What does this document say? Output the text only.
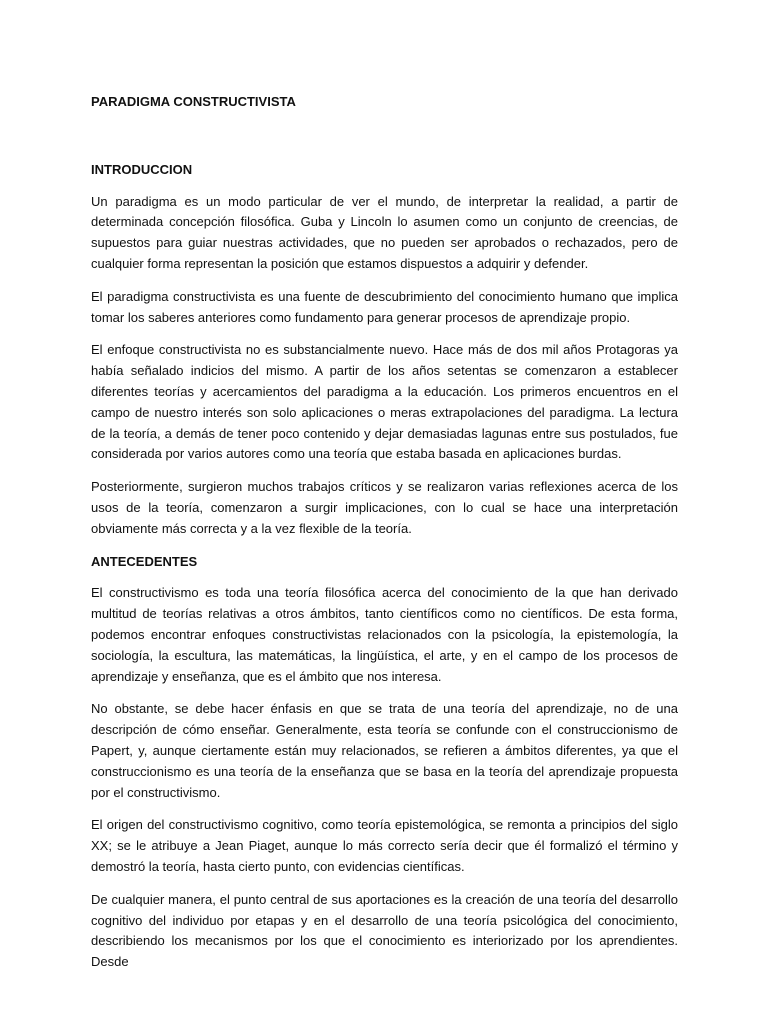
PARADIGMA CONSTRUCTIVISTA
INTRODUCCION

Un paradigma es un modo particular de ver el mundo, de interpretar la realidad, a partir de determinada concepción filosófica. Guba y Lincoln lo asumen como un conjunto de creencias, de supuestos para guiar nuestras actividades, que no pueden ser aprobados o rechazados, pero de cualquier forma representan la posición que estamos dispuestos a adquirir y defender.

El paradigma constructivista es una fuente de descubrimiento del conocimiento humano que implica tomar los saberes anteriores como fundamento para generar procesos de aprendizaje propio.

El enfoque constructivista no es substancialmente nuevo. Hace más de dos mil años Protagoras ya había señalado indicios del mismo. A partir de los años setentas se comenzaron a establecer diferentes teorías y acercamientos del paradigma a la educación. Los primeros encuentros en el campo de nuestro interés son solo aplicaciones o meras extrapolaciones del paradigma. La lectura de la teoría, a demás de tener poco contenido y dejar demasiadas lagunas entre sus postulados, fue considerada por varios autores como una teoría que estaba basada en aplicaciones burdas.

Posteriormente, surgieron muchos trabajos críticos y se realizaron varias reflexiones acerca de los usos de la teoría, comenzaron a surgir implicaciones, con lo cual se hace una interpretación obviamente más correcta y a la vez flexible de la teoría.

ANTECEDENTES

El constructivismo es toda una teoría filosófica acerca del conocimiento de la que han derivado multitud de teorías relativas a otros ámbitos, tanto científicos como no científicos. De esta forma, podemos encontrar enfoques constructivistas relacionados con la psicología, la epistemología, la sociología, la escultura, las matemáticas, la lingüística, el arte, y en el campo de los procesos de aprendizaje y enseñanza, que es el ámbito que nos interesa.

No obstante, se debe hacer énfasis en que se trata de una teoría del aprendizaje, no de una descripción de cómo enseñar. Generalmente, esta teoría se confunde con el construccionismo de Papert, y, aunque ciertamente están muy relacionados, se refieren a ámbitos diferentes, ya que el construccionismo es una teoría de la enseñanza que se basa en la teoría del aprendizaje propuesta por el constructivismo.

El origen del constructivismo cognitivo, como teoría epistemológica, se remonta a principios del siglo XX; se le atribuye a Jean Piaget, aunque lo más correcto sería decir que él formalizó el término y demostró la teoría, hasta cierto punto, con evidencias científicas.

De cualquier manera, el punto central de sus aportaciones es la creación de una teoría del desarrollo cognitivo del individuo por etapas y en el desarrollo de una teoría psicológica del conocimiento, describiendo los mecanismos por los que el conocimiento es interiorizado por los aprendientes. Desde
